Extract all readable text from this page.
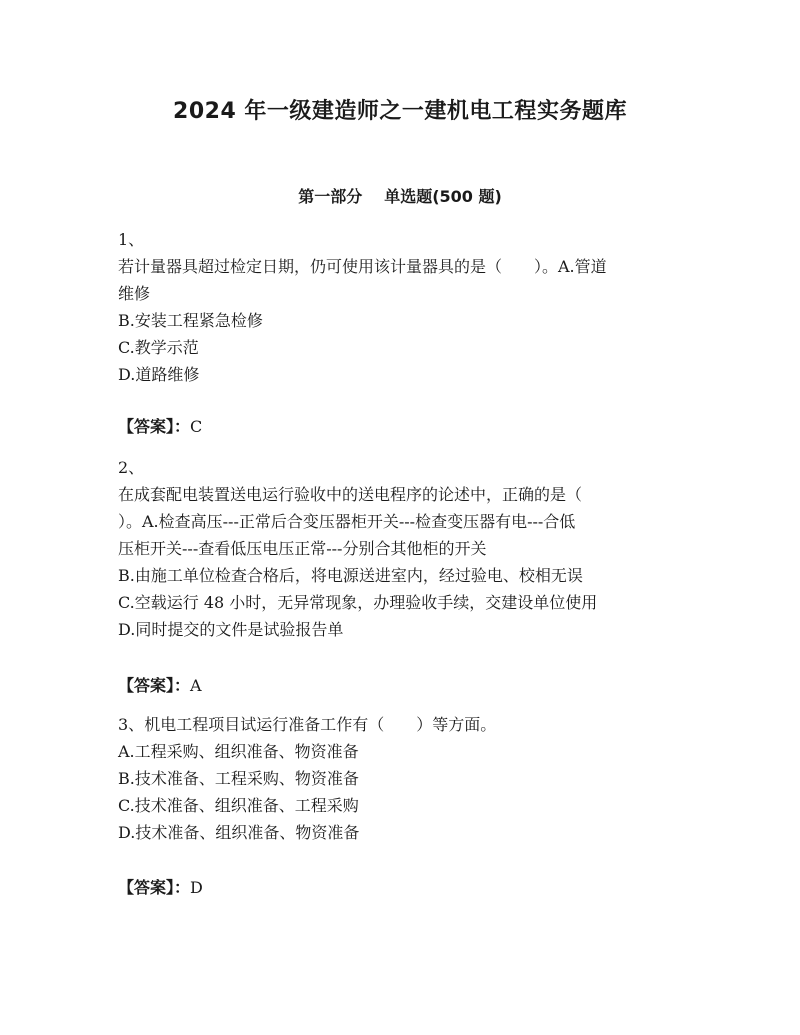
2024 年一级建造师之一建机电工程实务题库
第一部分 单选题(500 题)
1、
若计量器具超过检定日期，仍可使用该计量器具的是（　　）。A.管道
维修
B.安装工程紧急检修
C.教学示范
D.道路维修
【答案】：C
2、
在成套配电装置送电运行验收中的送电程序的论述中，正确的是（
）。A.检查高压---正常后合变压器柜开关---检查变压器有电---合低
压柜开关---查看低压电压正常---分别合其他柜的开关
B.由施工单位检查合格后，将电源送进室内，经过验电、校相无误
C.空载运行 48 小时，无异常现象，办理验收手续，交建设单位使用
D.同时提交的文件是试验报告单
【答案】：A
3、机电工程项目试运行准备工作有（　　）等方面。
A.工程采购、组织准备、物资准备
B.技术准备、工程采购、物资准备
C.技术准备、组织准备、工程采购
D.技术准备、组织准备、物资准备
【答案】：D
